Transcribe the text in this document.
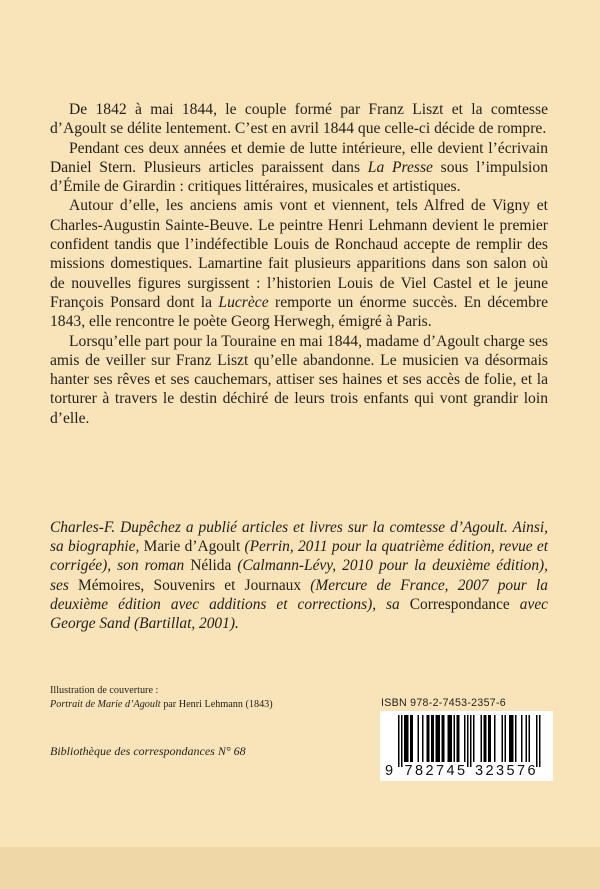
De 1842 à mai 1844, le couple formé par Franz Liszt et la comtesse d’Agoult se délite lentement. C’est en avril 1844 que celle-ci décide de rompre.

Pendant ces deux années et demie de lutte intérieure, elle devient l’écrivain Daniel Stern. Plusieurs articles paraissent dans La Presse sous l’impulsion d’Émile de Girardin : critiques littéraires, musicales et artistiques.

Autour d’elle, les anciens amis vont et viennent, tels Alfred de Vigny et Charles-Augustin Sainte-Beuve. Le peintre Henri Lehmann devient le premier confident tandis que l’indéfectible Louis de Ronchaud accepte de remplir des missions domestiques. Lamartine fait plusieurs apparitions dans son salon où de nouvelles figures surgissent : l’historien Louis de Viel Castel et le jeune François Ponsard dont la Lucrèce remporte un énorme succès. En décembre 1843, elle rencontre le poète Georg Herwegh, émigré à Paris.

Lorsqu’elle part pour la Touraine en mai 1844, madame d’Agoult charge ses amis de veiller sur Franz Liszt qu’elle abandonne. Le musicien va désormais hanter ses rêves et ses cauchemars, attiser ses haines et ses accès de folie, et la torturer à travers le destin déchiré de leurs trois enfants qui vont grandir loin d’elle.

Charles-F. Dupêchez a publié articles et livres sur la comtesse d’Agoult. Ainsi, sa biographie, Marie d’Agoult (Perrin, 2011 pour la quatrième édition, revue et corrigée), son roman Nélida (Calmann-Lévy, 2010 pour la deuxième édition), ses Mémoires, Souvenirs et Journaux (Mercure de France, 2007 pour la deuxième édition avec additions et corrections), sa Correspondance avec George Sand (Bartillat, 2001).
Illustration de couverture :
Portrait de Marie d’Agoult par Henri Lehmann (1843)
Bibliothèque des correspondances N° 68
ISBN 978-2-7453-2357-6
9 7 8 2 7 4 5 3 2 3 5 7 6
